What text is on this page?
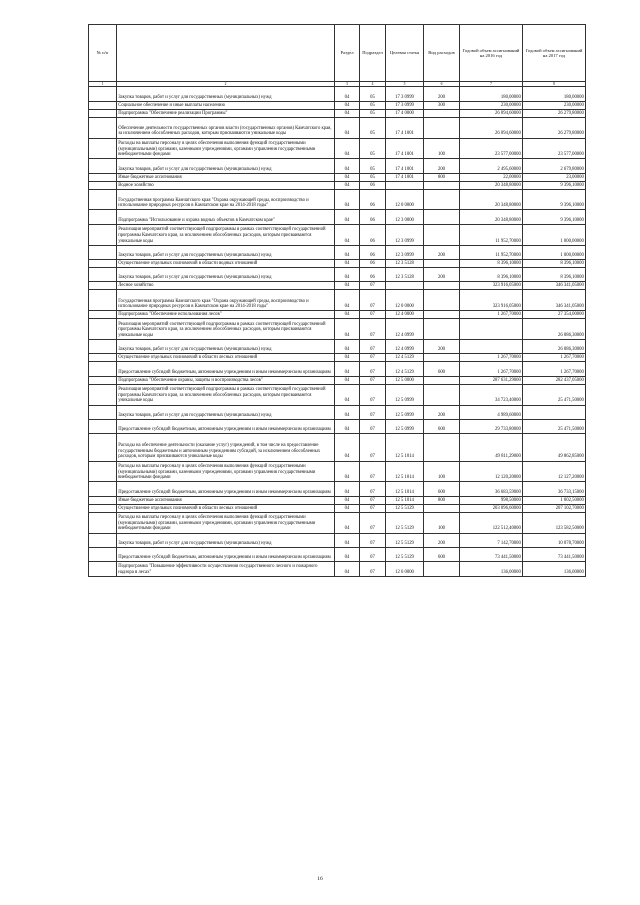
№ п/п		Раздел	Подраздел	Целевая статья	Вид расходов	Годовой объем ассигнований на 2016 год	Годовой объем ассигнований на 2017 год
1	2	3	4	5	6	7	8
	Закупка товаров, работ и услуг для государственных (муниципальных) нужд	04	05	17 3 0999	200	180,00000	180,00000
	Социальное обеспечение и иные выплаты населению	04	05	17 3 0999	300	230,00000	230,00000
	Подпрограмма "Обеспечение реализации Программы"	04	05	17 4 0000		26 094,60000	26 279,80000
	Обеспечение деятельности государственных органов власти (государственных органов) Камчатского края, за исключением обособленных расходов, которым присваиваются уникальные коды	04	05	17 4 1001		26 094,60000	26 279,80000
	Расходы на выплаты персоналу в целях обеспечения выполнения функций государственными (муниципальными) органами, казенными учреждениями, органами управления государственными внебюджетными фондами	04	05	17 4 1001	100	23 577,00000	23 577,00000
	Закупка товаров, работ и услуг для государственных (муниципальных) нужд	04	05	17 4 1001	200	2 495,60000	2 679,80000
	Иные бюджетные ассигнования	04	05	17 4 1001	800	22,00000	23,00000
	Водное хозяйство	04	06			20 348,80000	9 396,10000
	Государственная программа Камчатского края "Охрана окружающей среды, воспроизводство и использование природных ресурсов в Камчатском крае на 2014-2018 годы"	04	06	12 0 0000		20 348,80000	9 396,10000
	Подпрограмма "Использование и охрана водных объектов в Камчатском крае"	04	06	12 3 0000		20 348,80000	9 396,10000
	Реализация мероприятий соответствующей подпрограммы в рамках соответствующей государственной программы Камчатского края, за исключением обособленных расходов, которым присваиваются уникальные коды	04	06	12 3 0999		11 952,70000	1 000,00000
	Закупка товаров, работ и услуг для государственных (муниципальных) нужд	04	06	12 3 0999	200	11 952,70000	1 000,00000
	Осуществление отдельных полномочий в области водных отношений	04	06	12 3 5128		8 396,10000	8 396,10000
	Закупка товаров, работ и услуг для государственных (муниципальных) нужд	04	06	12 3 5128	200	8 396,10000	8 396,10000
	Лесное хозяйство	04	07			323 916,05000	346 341,05000
	Государственная программа Камчатского края "Охрана окружающей среды, воспроизводство и использование природных ресурсов в Камчатском крае на 2014-2018 годы"	04	07	12 0 0000		323 916,05000	346 341,05000
	Подпрограмма "Обеспечение использования лесов"	04	07	12 4 0000		1 267,70000	27 354,00000
	Реализация мероприятий соответствующей подпрограммы в рамках соответствующей государственной программы Камчатского края, за исключением обособленных расходов, которым присваиваются уникальные коды	04	07	12 4 0999			26 086,30000
	Закупка товаров, работ и услуг для государственных (муниципальных) нужд	04	07	12 4 0999	200		26 086,30000
	Осуществление отдельных полномочий в области лесных отношений	04	07	12 4 5129		1 267,70000	1 267,70000
	Предоставление субсидий бюджетным, автономным учреждениям и иным некоммерческим организациям	04	07	12 4 5129	600	1 267,70000	1 267,70000
	Подпрограмма "Обеспечение охраны, защиты и воспроизводства лесов"	04	07	12 5 0000		287 631,29000	282 437,05000
	Реализация мероприятий соответствующей подпрограммы в рамках соответствующей государственной программы Камчатского края, за исключением обособленных расходов, которым присваиваются уникальные коды	04	07	12 5 0999		34 723,40000	25 471,50000
	Закупка товаров, работ и услуг для государственных (муниципальных) нужд	04	07	12 5 0999	200	4 989,60000	
	Предоставление субсидий бюджетным, автономным учреждениям и иным некоммерческим организациям	04	07	12 5 0999	600	29 733,80000	25 471,50000
	Расходы на обеспечение деятельности (оказание услуг) учреждений, в том числе на предоставление государственным бюджетным и автономным учреждениям субсидий, за исключением обособленных расходов, которым присваиваются уникальные коды	04	07	12 5 1014		49 811,29000	49 862,85000
	Расходы на выплаты персоналу в целях обеспечения выполнения функций государственными (муниципальными) органами, казенными учреждениями, органами управления государственными внебюджетными фондами	04	07	12 5 1014	100	12 120,20000	12 127,20000
	Предоставление субсидий бюджетным, автономным учреждениям и иным некоммерческим организациям	04	07	12 5 1014	600	36 683,59000	36 733,15000
	Иные бюджетные ассигнования	04	07	12 5 1014	800	998,50000	1 002,50000
	Осуществление отдельных полномочий в области лесных отношений	04	07	12 5 5129		203 096,60000	207 102,70000
	Расходы на выплаты персоналу в целях обеспечения выполнения функций государственными (муниципальными) органами, казенными учреждениями, органами управления государственными внебюджетными фондами	04	07	12 5 5129	100	122 512,40000	123 582,50000
	Закупка товаров, работ и услуг для государственных (муниципальных) нужд	04	07	12 5 5129	200	7 142,70000	10 078,70000
	Предоставление субсидий бюджетным, автономным учреждениям и иным некоммерческим организациям	04	07	12 5 5129	600	73 441,50000	73 441,50000
	Подпрограмма "Повышение эффективности осуществления государственного лесного и пожарного надзора в лесах"	04	07	12 6 0000		136,00000	136,00000
16
